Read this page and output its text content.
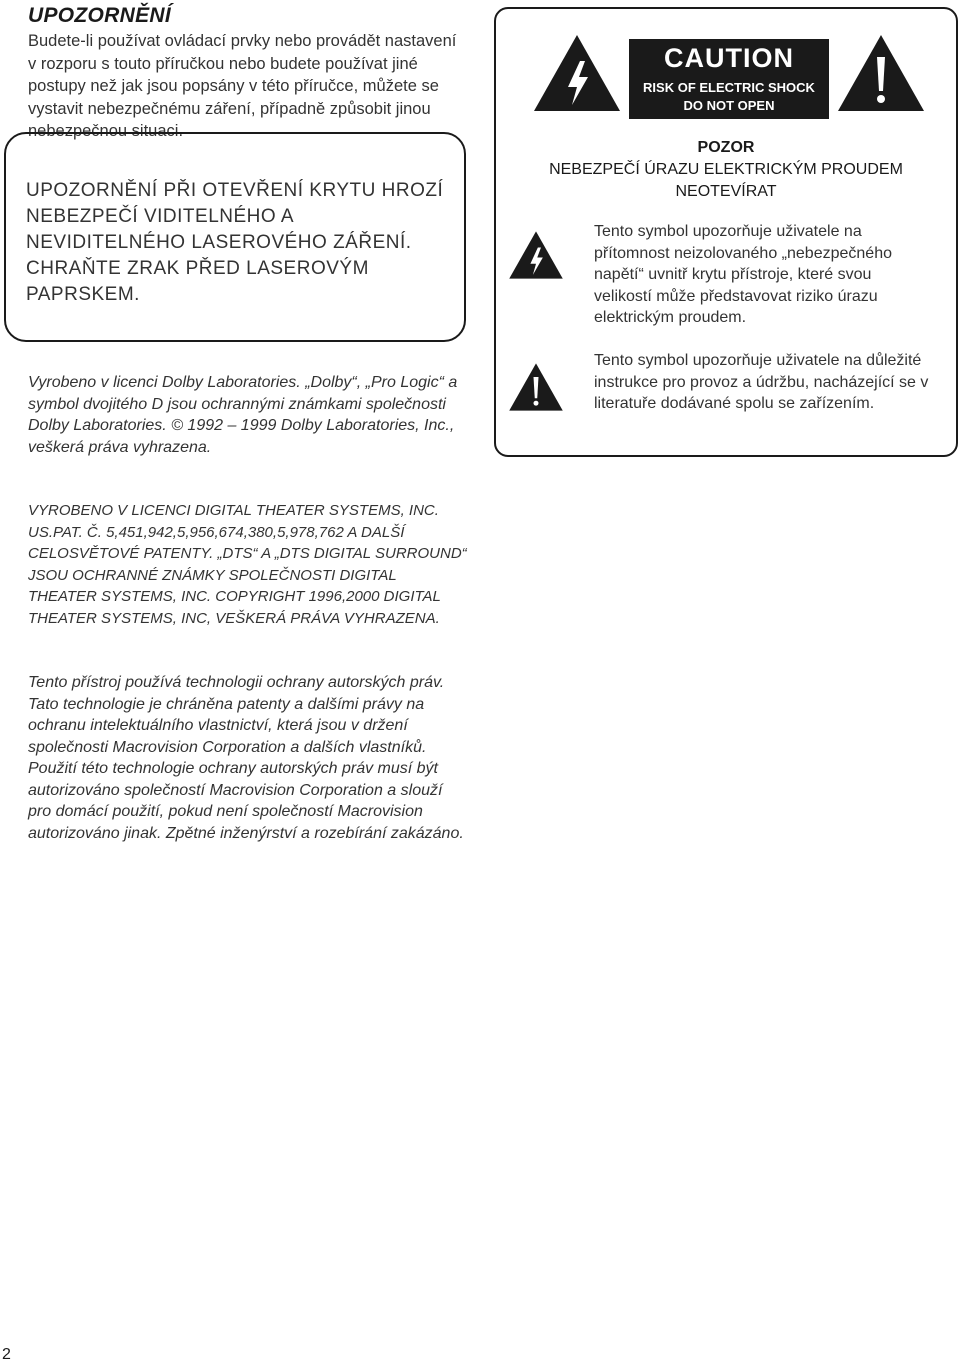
UPOZORNĚNÍ

Budete-li používat ovládací prvky nebo provádět nastavení v rozporu s touto příručkou nebo budete používat jiné postupy než jak jsou popsány v této příručce, můžete se vystavit nebezpečnému záření, případně způsobit jinou nebezpečnou situaci.

UPOZORNĚNÍ PŘI OTEVŘENÍ KRYTU HROZÍ NEBEZPEČÍ VIDITELNÉHO A NEVIDITELNÉHO LASEROVÉHO ZÁŘENÍ. CHRAŇTE ZRAK PŘED LASEROVÝM PAPRSKEM.

Vyrobeno v licenci Dolby Laboratories. „Dolby“, „Pro Logic“ a symbol dvojitého D jsou ochrannými známkami společnosti Dolby Laboratories. © 1992 – 1999 Dolby Laboratories, Inc., veškerá práva vyhrazena.

VYROBENO V LICENCI DIGITAL THEATER SYSTEMS, INC. US.PAT. Č. 5,451,942,5,956,674,380,5,978,762 A DALŠÍ CELOSVĚTOVÉ PATENTY. „DTS“ A „DTS DIGITAL SURROUND“ JSOU OCHRANNÉ ZNÁMKY SPOLEČNOSTI DIGITAL THEATER SYSTEMS, INC. COPYRIGHT 1996,2000 DIGITAL THEATER SYSTEMS, INC, VEŠKERÁ PRÁVA VYHRAZENA.

Tento přístroj používá technologii ochrany autorských práv. Tato technologie je chráněna patenty a dalšími právy na ochranu intelektuálního vlastnictví, která jsou v držení společnosti Macrovision Corporation a dalších vlastníků. Použití této technologie ochrany autorských práv musí být autorizováno společností Macrovision Corporation a slouží pro domácí použití, pokud není společností Macrovision autorizováno jinak. Zpětné inženýrství a rozebírání zakázáno.

CAUTION

RISK OF ELECTRIC SHOCK

DO NOT OPEN

POZOR

NEBEZPEČÍ ÚRAZU ELEKTRICKÝM PROUDEM

NEOTEVÍRAT

Tento symbol upozorňuje uživatele na přítomnost neizolovaného „nebezpečného napětí“ uvnitř krytu přístroje, které svou velikostí může představovat riziko úrazu elektrickým proudem.

Tento symbol upozorňuje uživatele na důležité instrukce pro provoz a údržbu, nacházející se v literatuře dodávané spolu se zařízením.

2
